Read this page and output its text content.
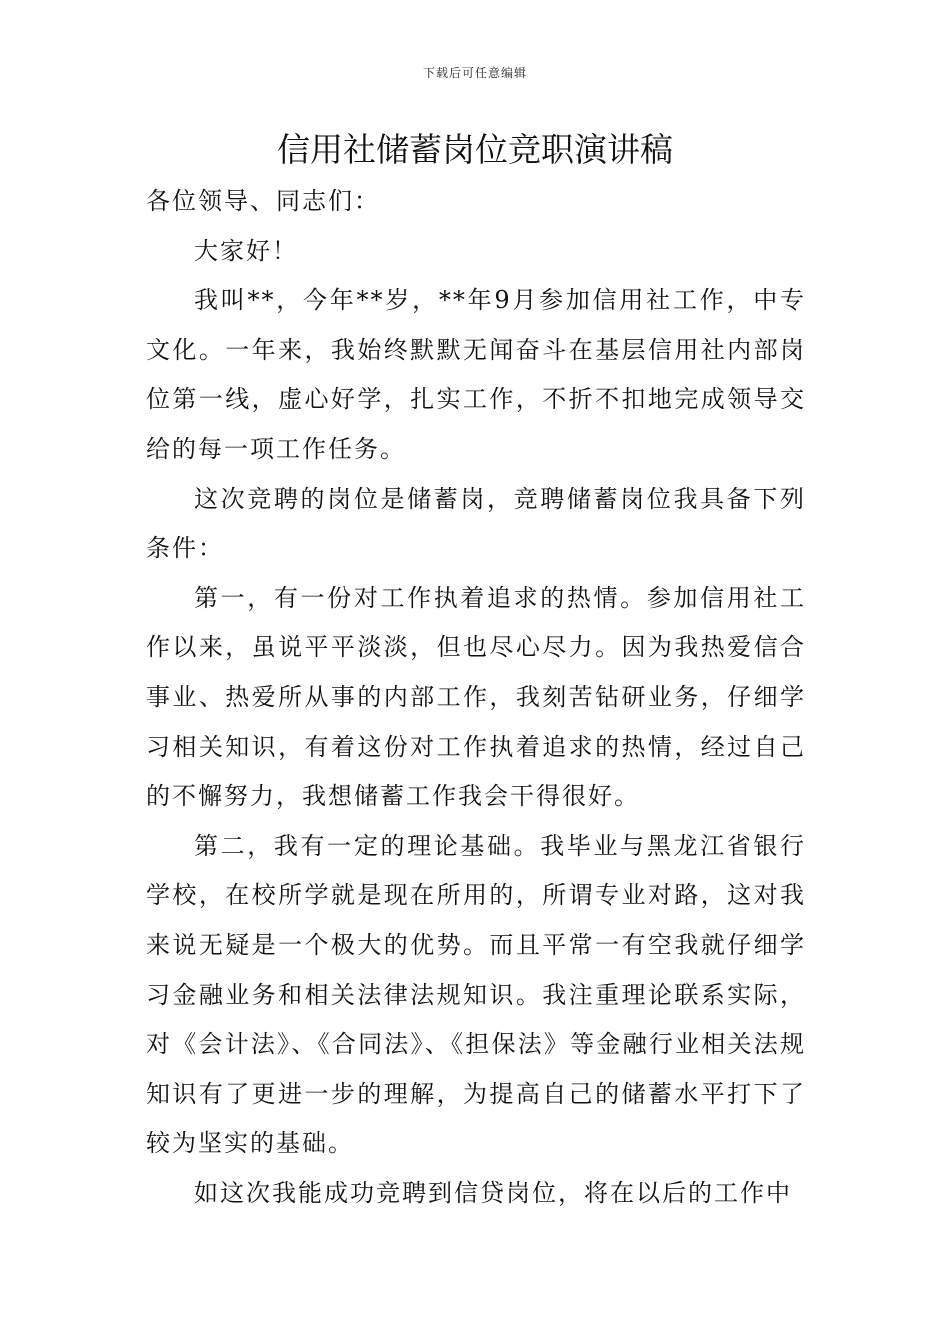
下载后可任意编辑
信用社储蓄岗位竞职演讲稿

各位领导、同志们：

大家好！

我叫**，今年**岁，**年9月参加信用社工作，中专文化。一年来，我始终默默无闻奋斗在基层信用社内部岗位第一线，虚心好学，扎实工作，不折不扣地完成领导交给的每一项工作任务。

这次竞聘的岗位是储蓄岗，竞聘储蓄岗位我具备下列条件：

第一，有一份对工作执着追求的热情。参加信用社工作以来，虽说平平淡淡，但也尽心尽力。因为我热爱信合事业、热爱所从事的内部工作，我刻苦钻研业务，仔细学习相关知识，有着这份对工作执着追求的热情，经过自己的不懈努力，我想储蓄工作我会干得很好。

第二，我有一定的理论基础。我毕业与黑龙江省银行学校，在校所学就是现在所用的，所谓专业对路，这对我来说无疑是一个极大的优势。而且平常一有空我就仔细学习金融业务和相关法律法规知识。我注重理论联系实际，对《会计法》、《合同法》、《担保法》等金融行业相关法规知识有了更进一步的理解，为提高自己的储蓄水平打下了较为坚实的基础。

如这次我能成功竞聘到信贷岗位，将在以后的工作中
